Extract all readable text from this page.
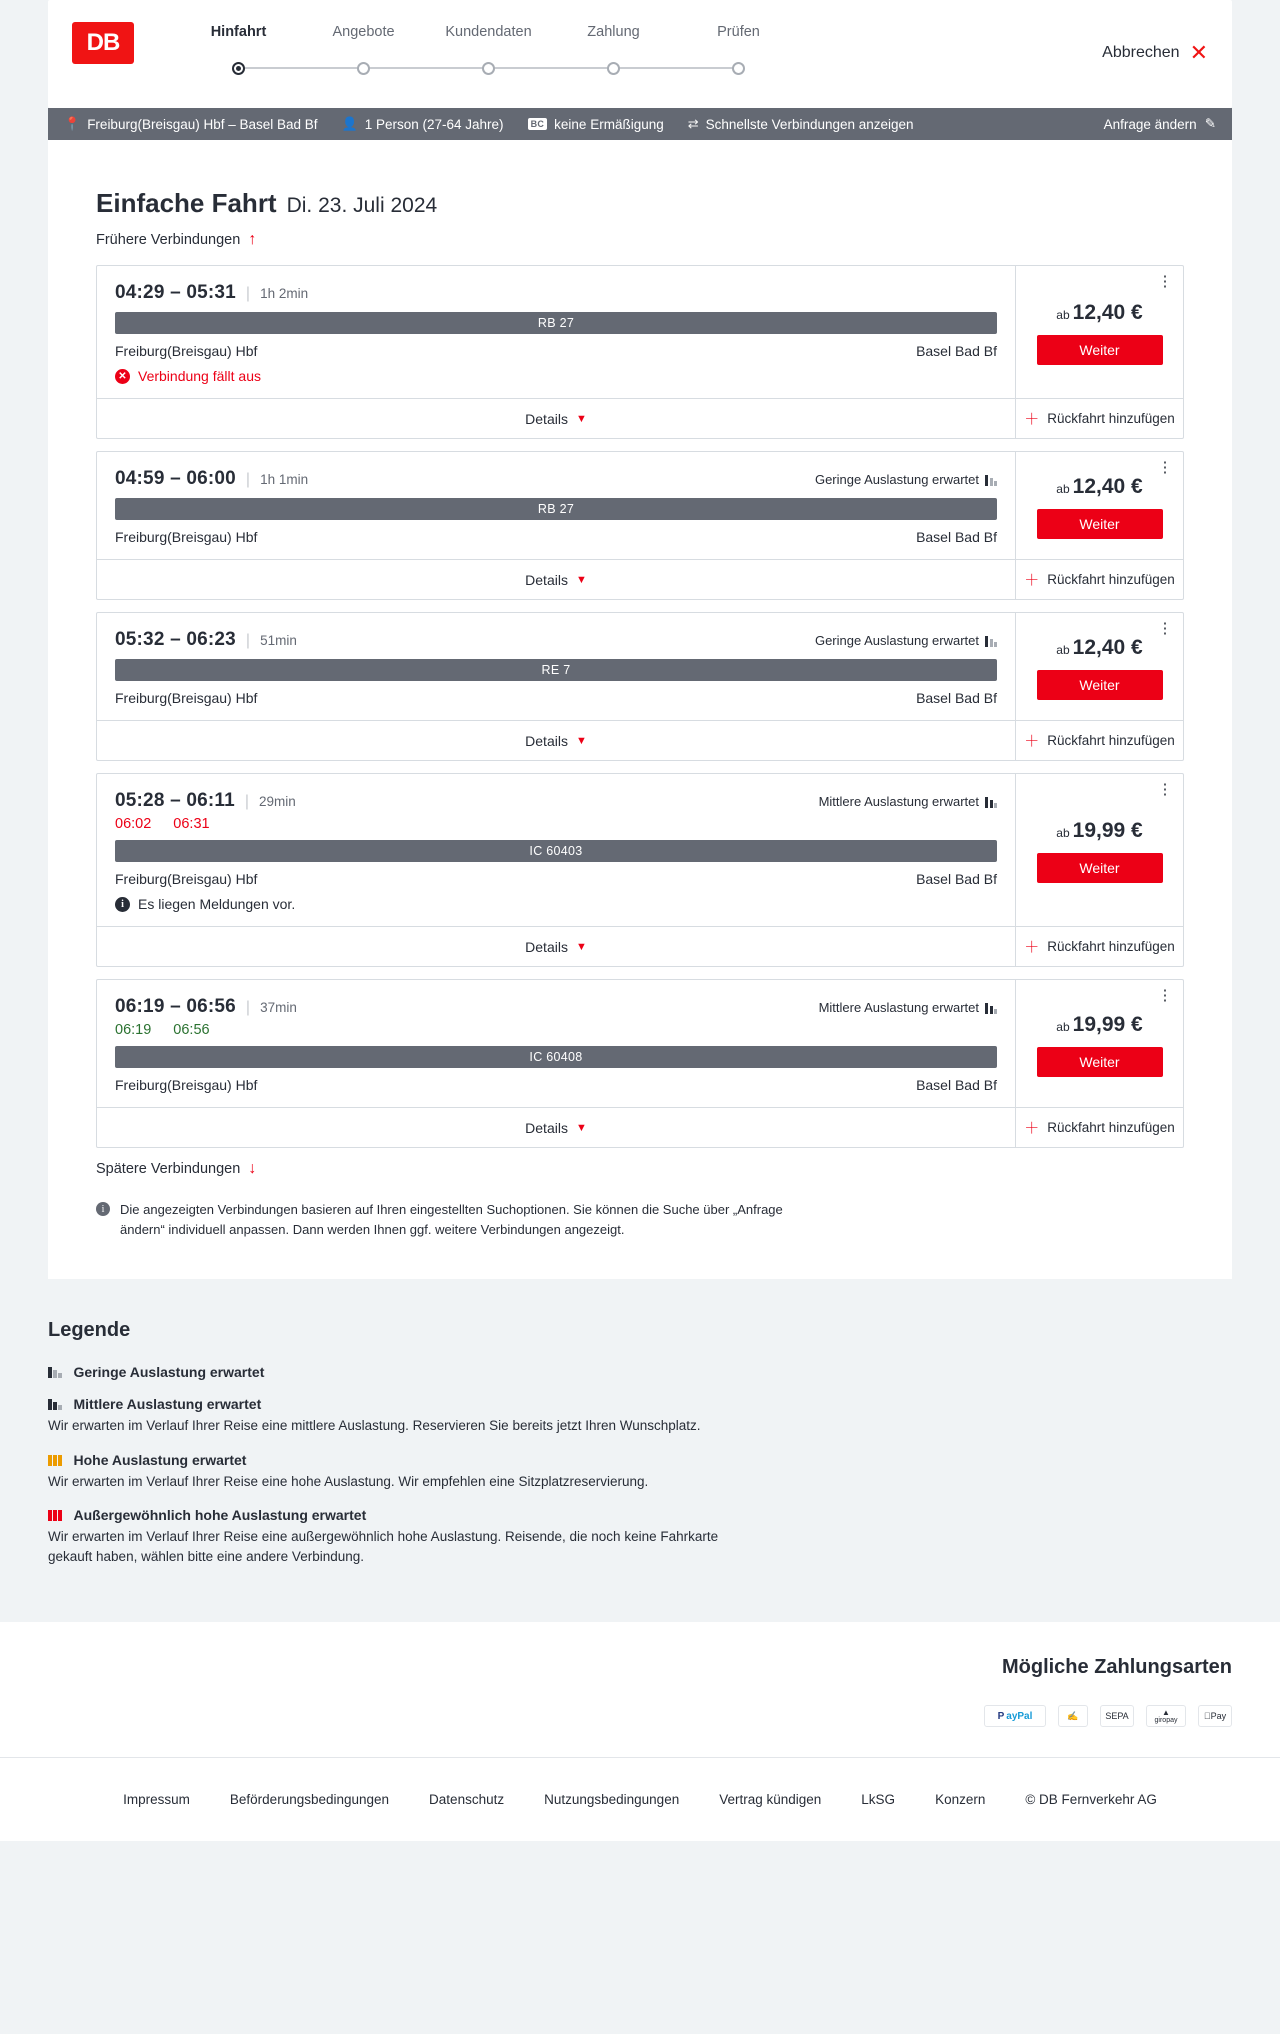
DB	Hinfahrt	Angebote	Kundendaten	Zahlung	Prüfen
Abbrechen ✕
📍 Freiburg(Breisgau) Hbf – Basel Bad Bf 👤 1 Person (27-64 Jahre)	BC keine Ermäßigung ⇄ Schnellste Verbindungen anzeigen	Anfrage ändern ✎
Einfache Fahrt Di. 23. Juli 2024
Frühere Verbindungen ↑
04:29 – 05:31 | 1h 2min
RB 27
Freiburg(Breisgau) Hbf	Basel Bad Bf
✕ Verbindung fällt aus
Details ▼
⋮
ab 12,40 €
Weiter
＋ Rückfahrt hinzufügen
04:59 – 06:00 | 1h 1min	Geringe Auslastung erwartet
RB 27
Freiburg(Breisgau) Hbf	Basel Bad Bf
Details ▼
⋮
ab 12,40 €
Weiter
＋ Rückfahrt hinzufügen
05:32 – 06:23 | 51min	Geringe Auslastung erwartet
RE 7
Freiburg(Breisgau) Hbf	Basel Bad Bf
Details ▼
⋮
ab 12,40 €
Weiter
＋ Rückfahrt hinzufügen
05:28 – 06:11 | 29min	Mittlere Auslastung erwartet
06:02 06:31
IC 60403
Freiburg(Breisgau) Hbf	Basel Bad Bf
i	Es liegen Meldungen vor.
Details ▼
⋮
ab 19,99 €
Weiter
＋ Rückfahrt hinzufügen
06:19 – 06:56 | 37min	Mittlere Auslastung erwartet
06:19 06:56
IC 60408
Freiburg(Breisgau) Hbf	Basel Bad Bf
Details ▼
⋮
ab 19,99 €
Weiter
＋ Rückfahrt hinzufügen
Spätere Verbindungen ↓
i	Die angezeigten Verbindungen basieren auf Ihren eingestellten Suchoptionen. Sie können die Suche über „Anfrage ändern“ individuell anpassen. Dann werden Ihnen ggf. weitere Verbindungen angezeigt.
Legende
Geringe Auslastung erwartet
Mittlere Auslastung erwartet
Wir erwarten im Verlauf Ihrer Reise eine mittlere Auslastung. Reservieren Sie bereits jetzt Ihren Wunschplatz.
Hohe Auslastung erwartet
Wir erwarten im Verlauf Ihrer Reise eine hohe Auslastung. Wir empfehlen eine Sitzplatzreservierung.
Außergewöhnlich hohe Auslastung erwartet
Wir erwarten im Verlauf Ihrer Reise eine außergewöhnlich hohe Auslastung. Reisende, die noch keine Fahrkarte gekauft haben, wählen bitte eine andere Verbindung.
Mögliche Zahlungsarten
P ayPal	✍	SEPA	▲
giropay	Pay
Impressum	Beförderungsbedingungen	Datenschutz	Nutzungsbedingungen	Vertrag kündigen	LkSG	Konzern	© DB Fernverkehr AG
